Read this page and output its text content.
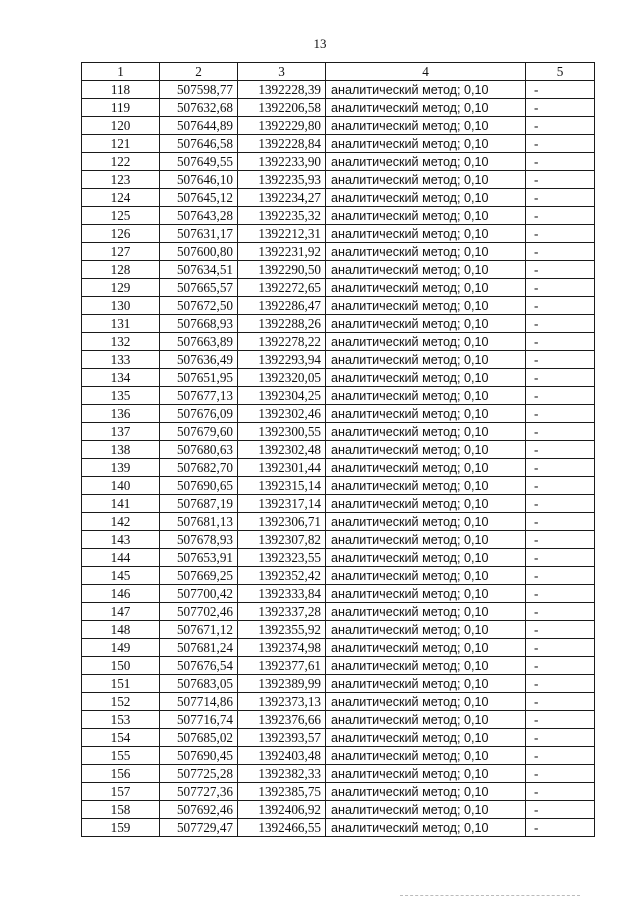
13
1	2	3	4	5
118	507598,77	1392228,39	аналитический метод; 0,10	-
119	507632,68	1392206,58	аналитический метод; 0,10	-
120	507644,89	1392229,80	аналитический метод; 0,10	-
121	507646,58	1392228,84	аналитический метод; 0,10	-
122	507649,55	1392233,90	аналитический метод; 0,10	-
123	507646,10	1392235,93	аналитический метод; 0,10	-
124	507645,12	1392234,27	аналитический метод; 0,10	-
125	507643,28	1392235,32	аналитический метод; 0,10	-
126	507631,17	1392212,31	аналитический метод; 0,10	-
127	507600,80	1392231,92	аналитический метод; 0,10	-
128	507634,51	1392290,50	аналитический метод; 0,10	-
129	507665,57	1392272,65	аналитический метод; 0,10	-
130	507672,50	1392286,47	аналитический метод; 0,10	-
131	507668,93	1392288,26	аналитический метод; 0,10	-
132	507663,89	1392278,22	аналитический метод; 0,10	-
133	507636,49	1392293,94	аналитический метод; 0,10	-
134	507651,95	1392320,05	аналитический метод; 0,10	-
135	507677,13	1392304,25	аналитический метод; 0,10	-
136	507676,09	1392302,46	аналитический метод; 0,10	-
137	507679,60	1392300,55	аналитический метод; 0,10	-
138	507680,63	1392302,48	аналитический метод; 0,10	-
139	507682,70	1392301,44	аналитический метод; 0,10	-
140	507690,65	1392315,14	аналитический метод; 0,10	-
141	507687,19	1392317,14	аналитический метод; 0,10	-
142	507681,13	1392306,71	аналитический метод; 0,10	-
143	507678,93	1392307,82	аналитический метод; 0,10	-
144	507653,91	1392323,55	аналитический метод; 0,10	-
145	507669,25	1392352,42	аналитический метод; 0,10	-
146	507700,42	1392333,84	аналитический метод; 0,10	-
147	507702,46	1392337,28	аналитический метод; 0,10	-
148	507671,12	1392355,92	аналитический метод; 0,10	-
149	507681,24	1392374,98	аналитический метод; 0,10	-
150	507676,54	1392377,61	аналитический метод; 0,10	-
151	507683,05	1392389,99	аналитический метод; 0,10	-
152	507714,86	1392373,13	аналитический метод; 0,10	-
153	507716,74	1392376,66	аналитический метод; 0,10	-
154	507685,02	1392393,57	аналитический метод; 0,10	-
155	507690,45	1392403,48	аналитический метод; 0,10	-
156	507725,28	1392382,33	аналитический метод; 0,10	-
157	507727,36	1392385,75	аналитический метод; 0,10	-
158	507692,46	1392406,92	аналитический метод; 0,10	-
159	507729,47	1392466,55	аналитический метод; 0,10	-
